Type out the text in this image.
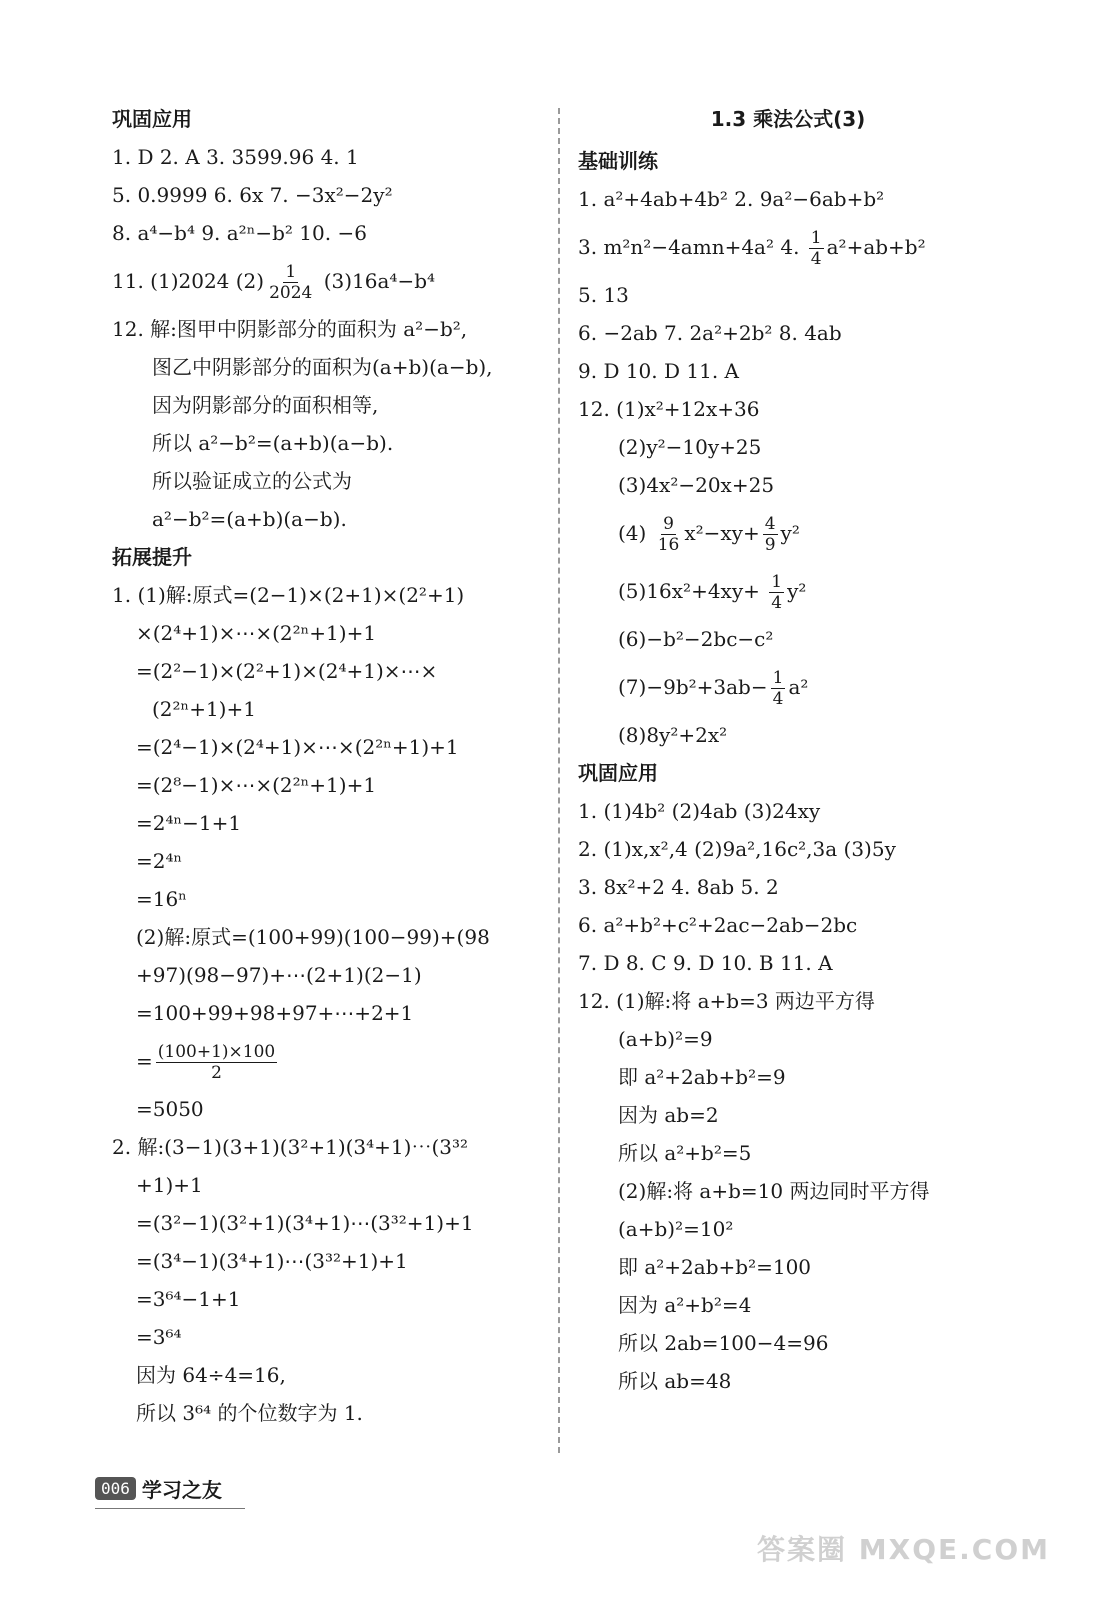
巩固应用
1. D 2. A 3. 3599.96 4. 1
5. 0.9999 6. 6x 7. −3x²−2y²
8. a⁴−b⁴ 9. a²ⁿ−b² 10. −6
11. (1)2024 $(2) \frac{1}{2024} (3)16a^4-b^4$
12. 解:图甲中阴影部分的面积为 a²−b²,
图乙中阴影部分的面积为(a+b)(a−b),
因为阴影部分的面积相等,
所以 a²−b²=(a+b)(a−b).
所以验证成立的公式为
a²−b²=(a+b)(a−b).
拓展提升
1. (1)解:原式=(2−1)×(2+1)×(2²+1)
×(2⁴+1)×⋯×(2²ⁿ+1)+1
=(2²−1)×(2²+1)×(2⁴+1)×⋯×
(2²ⁿ+1)+1
=(2⁴−1)×(2⁴+1)×⋯×(2²ⁿ+1)+1
=(2⁸−1)×⋯×(2²ⁿ+1)+1
=2⁴ⁿ−1+1
=2⁴ⁿ
=16ⁿ
(2)解:原式=(100+99)(100−99)+(98
+97)(98−97)+⋯(2+1)(2−1)
=100+99+98+97+⋯+2+1
= $\frac{(100+1)\times 100}{2}$
=5050
2. 解:(3−1)(3+1)(3²+1)(3⁴+1)⋯(3³²
+1)+1
=(3²−1)(3²+1)(3⁴+1)⋯(3³²+1)+1
=(3⁴−1)(3⁴+1)⋯(3³²+1)+1
=3⁶⁴−1+1
=3⁶⁴
因为 64÷4=16,
所以 3⁶⁴ 的个位数字为 1.
1.3 乘法公式(3)
基础训练
1. a²+4ab+4b² 2. 9a²−6ab+b²
3. m²n²−4amn+4a² 4. $\frac{1}{4} a^2+ab+b^2$
5. 13
6. −2ab 7. 2a²+2b² 8. 4ab
9. D 10. D 11. A
12. (1)x²+12x+36
(2)y²−10y+25
(3)4x²−20x+25
$(4) \frac{9}{16} x^2-xy+ \frac{4}{9} y^2$
$(5)16x^2+4xy+ \frac{1}{4} y^2$
(6)−b²−2bc−c²
$(7)-9b^2+3ab- \frac{1}{4} a^2$
(8)8y²+2x²
巩固应用
1. (1)4b² (2)4ab (3)24xy
2. (1)x,x²,4 (2)9a²,16c²,3a (3)5y
3. 8x²+2 4. 8ab 5. 2
6. a²+b²+c²+2ac−2ab−2bc
7. D 8. C 9. D 10. B 11. A
12. (1)解:将 a+b=3 两边平方得
(a+b)²=9
即 a²+2ab+b²=9
因为 ab=2
所以 a²+b²=5
(2)解:将 a+b=10 两边同时平方得
(a+b)²=10²
即 a²+2ab+b²=100
因为 a²+b²=4
所以 2ab=100−4=96
所以 ab=48
006 学习之友
答案圈 MXQE.COM
